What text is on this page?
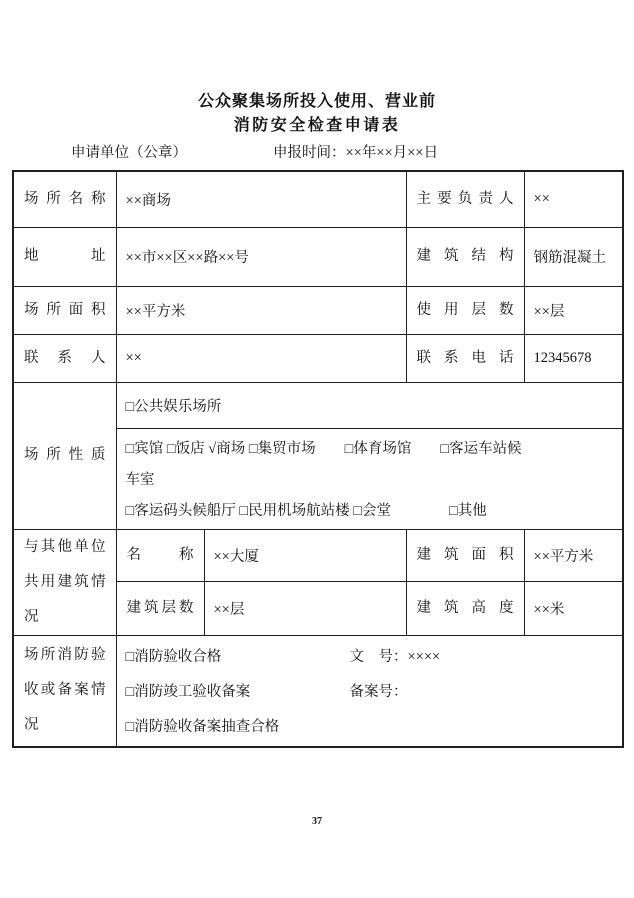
公众聚集场所投入使用、营业前
消防安全检查申请表
申请单位（公章）	申报时间：××年××月××日
场所名称	××商场		主要负责人	××
地址	××市××区××路××号		建筑结构	钢筋混凝土
场所面积	××平方米		使用层数	××层
联系人	××		联系电话	12345678
场所性质	□公共娱乐场所			

	□宾馆 □饭店 √商场 □集贸市场　　□体育场馆　　□客运车站候
车室
□客运码头候船厅 □民用机场航站楼 □会堂　　　　□其他			

与其他单位共用建筑情况	名称	××大厦	建筑面积	××平方米
	建筑层数	××层	建筑高度	××米
场所消防验收或备案情况	□消防验收合格 文　号：××××
□消防竣工验收备案 备案号：
□消防验收备案抽查合格			
37
